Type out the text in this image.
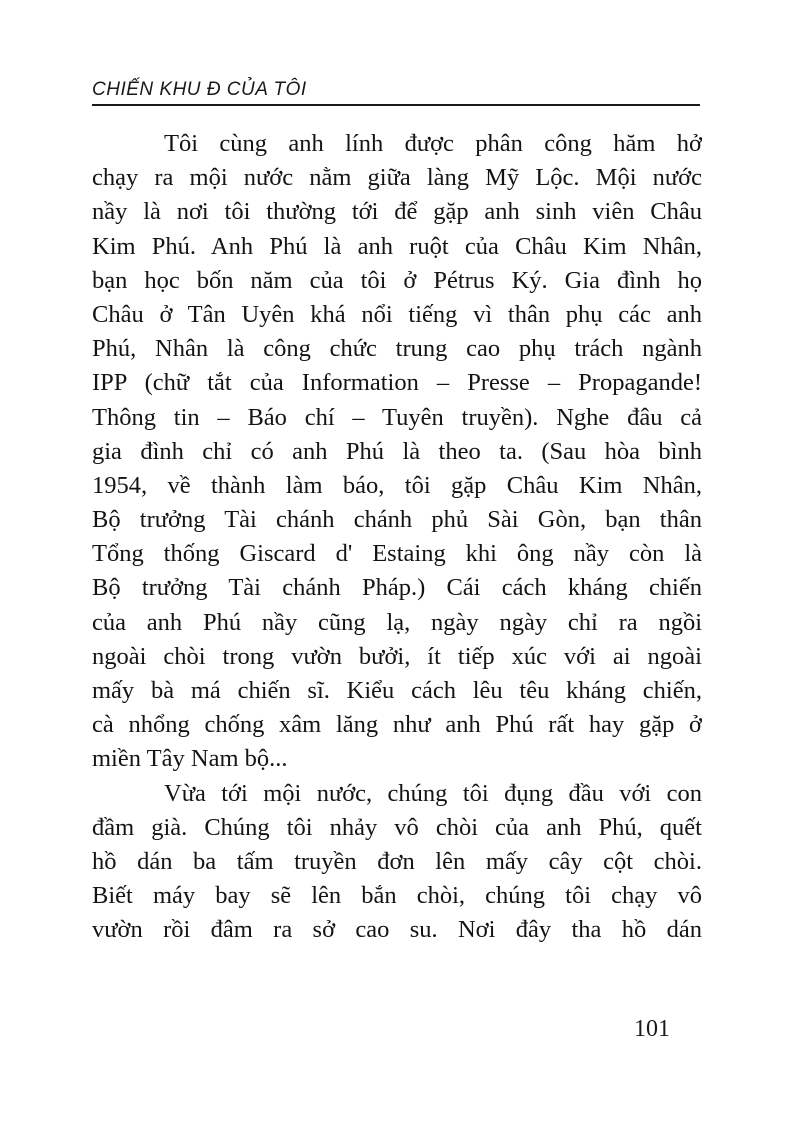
CHIẾN KHU Đ CỦA TÔI
Tôi cùng anh lính được phân công hăm hở
chạy ra mội nước nằm giữa làng Mỹ Lộc. Mội nước
nầy là nơi tôi thường tới để gặp anh sinh viên Châu
Kim Phú. Anh Phú là anh ruột của Châu Kim Nhân,
bạn học bốn năm của tôi ở Pétrus Ký. Gia đình họ
Châu ở Tân Uyên khá nổi tiếng vì thân phụ các anh
Phú, Nhân là công chức trung cao phụ trách ngành
IPP (chữ tắt của Information – Presse – Propagande!
Thông tin – Báo chí – Tuyên truyền). Nghe đâu cả
gia đình chỉ có anh Phú là theo ta. (Sau hòa bình
1954, về thành làm báo, tôi gặp Châu Kim Nhân,
Bộ trưởng Tài chánh chánh phủ Sài Gòn, bạn thân
Tổng thống Giscard d' Estaing khi ông nầy còn là
Bộ trưởng Tài chánh Pháp.) Cái cách kháng chiến
của anh Phú nầy cũng lạ, ngày ngày chỉ ra ngồi
ngoài chòi trong vườn bưởi, ít tiếp xúc với ai ngoài
mấy bà má chiến sĩ. Kiểu cách lêu têu kháng chiến,
cà nhổng chống xâm lăng như anh Phú rất hay gặp ở
miền Tây Nam bộ...
Vừa tới mội nước, chúng tôi đụng đầu với con
đầm già. Chúng tôi nhảy vô chòi của anh Phú, quết
hồ dán ba tấm truyền đơn lên mấy cây cột chòi.
Biết máy bay sẽ lên bắn chòi, chúng tôi chạy vô
vườn rồi đâm ra sở cao su. Nơi đây tha hồ dán
101
